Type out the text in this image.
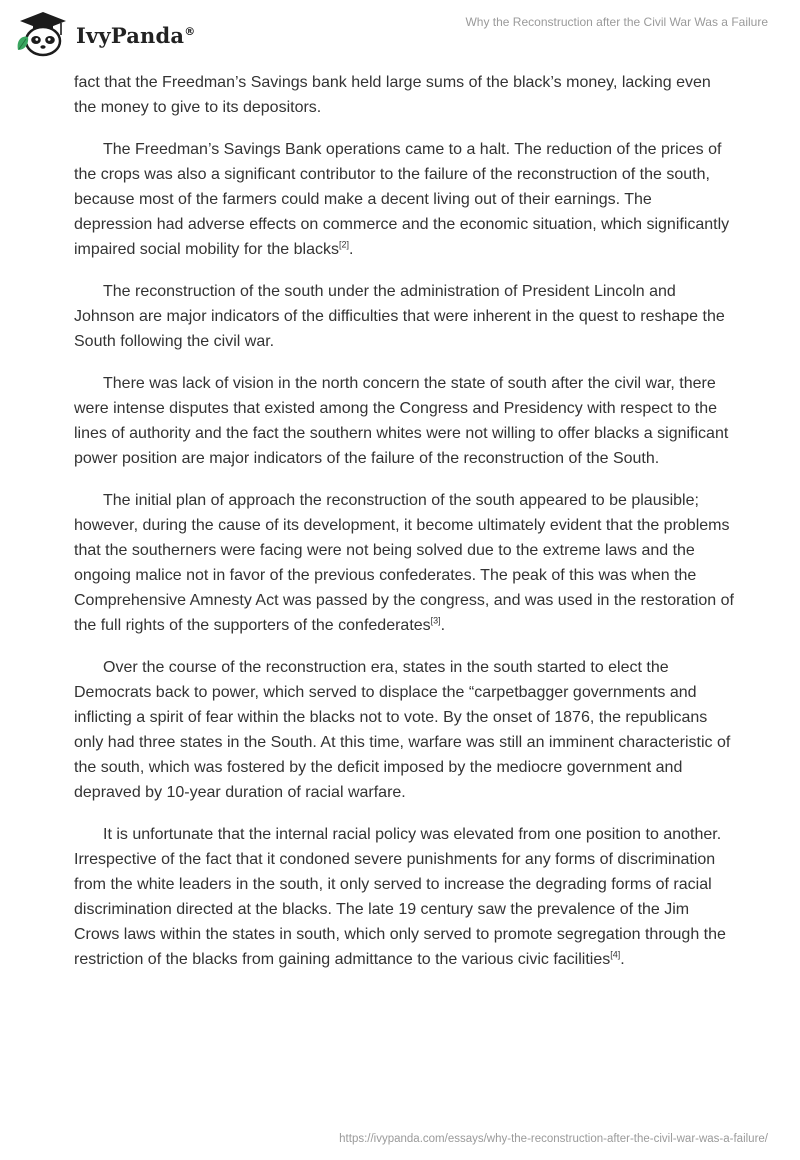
IvyPanda®
Why the Reconstruction after the Civil War Was a Failure

fact that the Freedman’s Savings bank held large sums of the black’s money, lacking even the money to give to its depositors.

The Freedman’s Savings Bank operations came to a halt. The reduction of the prices of the crops was also a significant contributor to the failure of the reconstruction of the south, because most of the farmers could make a decent living out of their earnings. The depression had adverse effects on commerce and the economic situation, which significantly impaired social mobility for the blacks[2].

The reconstruction of the south under the administration of President Lincoln and Johnson are major indicators of the difficulties that were inherent in the quest to reshape the South following the civil war.

There was lack of vision in the north concern the state of south after the civil war, there were intense disputes that existed among the Congress and Presidency with respect to the lines of authority and the fact the southern whites were not willing to offer blacks a significant power position are major indicators of the failure of the reconstruction of the South.

The initial plan of approach the reconstruction of the south appeared to be plausible; however, during the cause of its development, it become ultimately evident that the problems that the southerners were facing were not being solved due to the extreme laws and the ongoing malice not in favor of the previous confederates. The peak of this was when the Comprehensive Amnesty Act was passed by the congress, and was used in the restoration of the full rights of the supporters of the confederates[3].

Over the course of the reconstruction era, states in the south started to elect the Democrats back to power, which served to displace the “carpetbagger governments and inflicting a spirit of fear within the blacks not to vote. By the onset of 1876, the republicans only had three states in the South. At this time, warfare was still an imminent characteristic of the south, which was fostered by the deficit imposed by the mediocre government and depraved by 10-year duration of racial warfare.

It is unfortunate that the internal racial policy was elevated from one position to another. Irrespective of the fact that it condoned severe punishments for any forms of discrimination from the white leaders in the south, it only served to increase the degrading forms of racial discrimination directed at the blacks. The late 19 century saw the prevalence of the Jim Crows laws within the states in south, which only served to promote segregation through the restriction of the blacks from gaining admittance to the various civic facilities[4].

https://ivypanda.com/essays/why-the-reconstruction-after-the-civil-war-was-a-failure/
